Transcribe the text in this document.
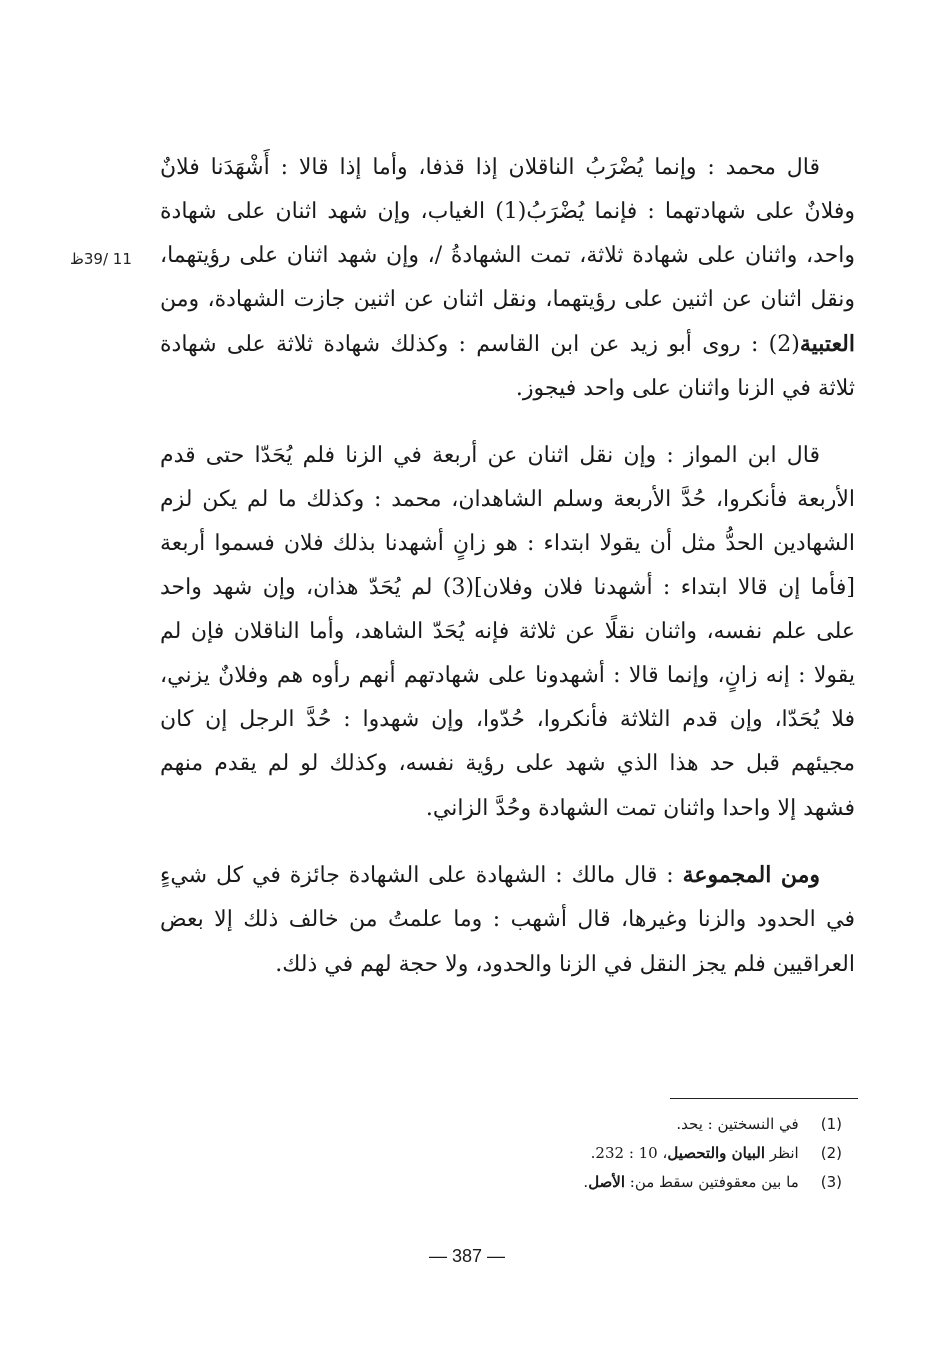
11 /39ظ

قال محمد : وإنما يُضْرَبُ الناقلان إذا قذفا، وأما إذا قالا : أَشْهَدَنا فلانٌ وفلانٌ على شهادتهما : فإنما يُضْرَبُ(1) الغياب، وإن شهد اثنان على شهادة واحد، واثنان على شهادة ثلاثة، تمت الشهادةُ /، وإن شهد اثنان على رؤيتهما، ونقل اثنان عن اثنين على رؤيتهما، ونقل اثنان عن اثنين جازت الشهادة، ومن العتبية(2) : روى أبو زيد عن ابن القاسم : وكذلك شهادة ثلاثة على شهادة ثلاثة في الزنا واثنان على واحد فيجوز.

قال ابن المواز : وإن نقل اثنان عن أربعة في الزنا فلم يُحَدّا حتى قدم الأربعة فأنكروا، حُدَّ الأربعة وسلم الشاهدان، محمد : وكذلك ما لم يكن لزم الشهادين الحدُّ مثل أن يقولا ابتداء : هو زانٍ أشهدنا بذلك فلان فسموا أربعة [فأما إن قالا ابتداء : أشهدنا فلان وفلان](3) لم يُحَدّ هذان، وإن شهد واحد على علم نفسه، واثنان نقلًا عن ثلاثة فإنه يُحَدّ الشاهد، وأما الناقلان فإن لم يقولا : إنه زانٍ، وإنما قالا : أشهدونا على شهادتهم أنهم رأوه هم وفلانٌ يزني، فلا يُحَدّا، وإن قدم الثلاثة فأنكروا، حُدّوا، وإن شهدوا : حُدَّ الرجل إن كان مجيئهم قبل حد هذا الذي شهد على رؤية نفسه، وكذلك لو لم يقدم منهم فشهد إلا واحدا واثنان تمت الشهادة وحُدَّ الزاني.

ومن المجموعة : قال مالك : الشهادة على الشهادة جائزة في كل شيءٍ في الحدود والزنا وغيرها، قال أشهب : وما علمتُ من خالف ذلك إلا بعض العراقيين فلم يجز النقل في الزنا والحدود، ولا حجة لهم في ذلك.

(1)
في النسختين : يحد.
(2)
انظر البيان والتحصيل، 10 : 232.
(3)
ما بين معقوفتين سقط من: الأصل.
— 387 —
